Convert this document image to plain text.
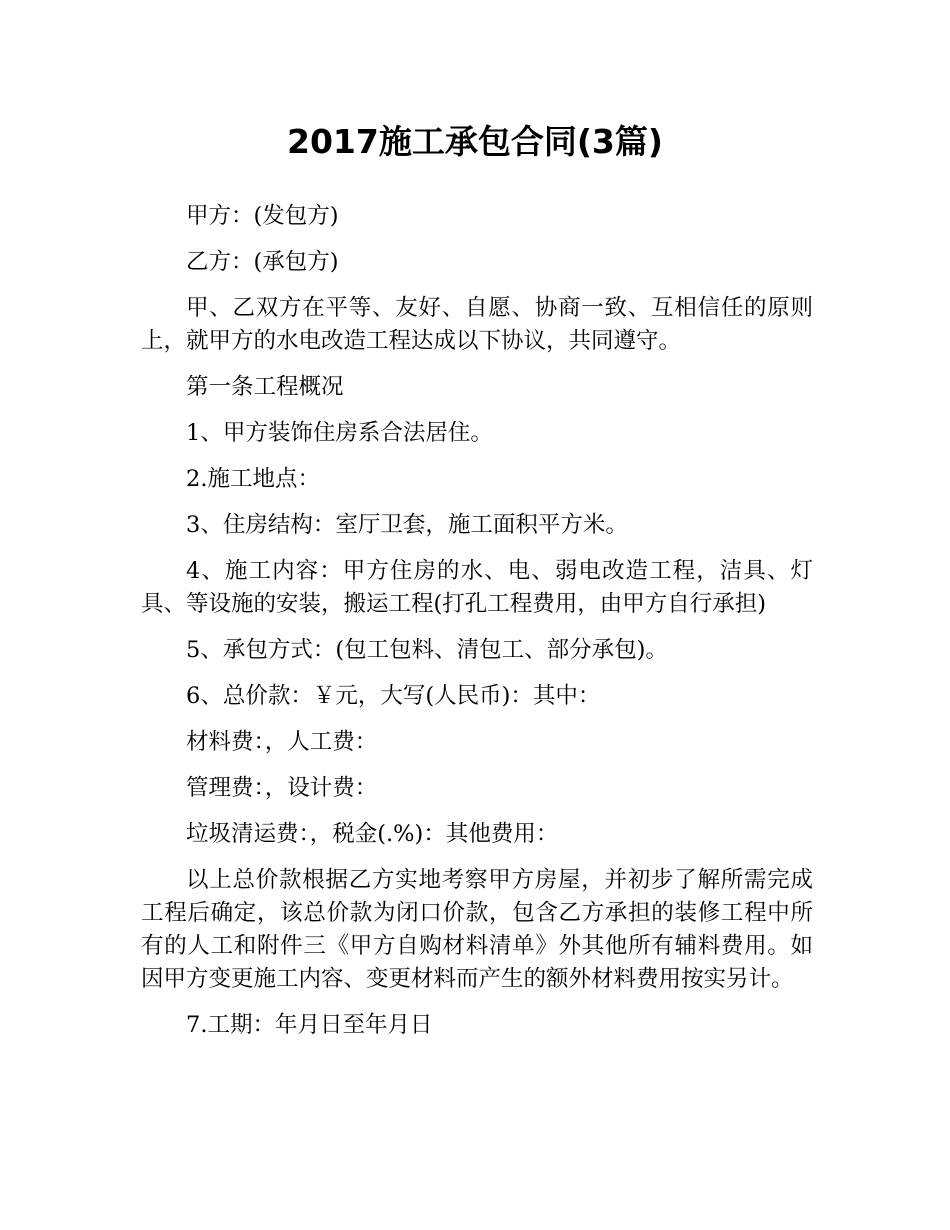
2017施工承包合同(3篇)

甲方：(发包方)

乙方：(承包方)

甲、乙双方在平等、友好、自愿、协商一致、互相信任的原则上，就甲方的水电改造工程达成以下协议，共同遵守。

第一条工程概况

1、甲方装饰住房系合法居住。

2.施工地点：

3、住房结构：室厅卫套，施工面积平方米。

4、施工内容：甲方住房的水、电、弱电改造工程，洁具、灯具、等设施的安装，搬运工程(打孔工程费用，由甲方自行承担)

5、承包方式：(包工包料、清包工、部分承包)。

6、总价款：￥元，大写(人民币)：其中：

材料费：，人工费：

管理费：，设计费：

垃圾清运费：，税金(.%)：其他费用：

以上总价款根据乙方实地考察甲方房屋，并初步了解所需完成工程后确定，该总价款为闭口价款，包含乙方承担的装修工程中所有的人工和附件三《甲方自购材料清单》外其他所有辅料费用。如因甲方变更施工内容、变更材料而产生的额外材料费用按实另计。

7.工期：年月日至年月日
